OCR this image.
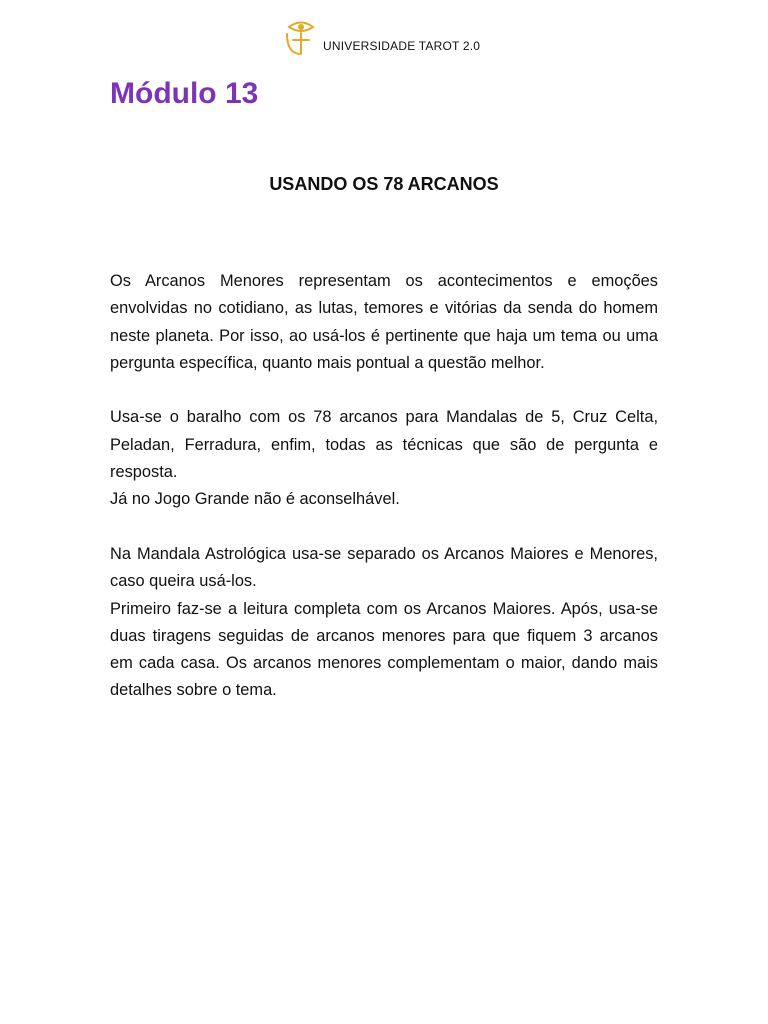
UNIVERSIDADE TAROT 2.0
Módulo 13
USANDO OS 78 ARCANOS

Os Arcanos Menores representam os acontecimentos e emoções envolvidas no cotidiano, as lutas, temores e vitórias da senda do homem neste planeta. Por isso, ao usá-los é pertinente que haja um tema ou uma pergunta específica, quanto mais pontual a questão melhor.

Usa-se o baralho com os 78 arcanos para Mandalas de 5, Cruz Celta, Peladan, Ferradura, enfim, todas as técnicas que são de pergunta e resposta.

Já no Jogo Grande não é aconselhável.

Na Mandala Astrológica usa-se separado os Arcanos Maiores e Menores, caso queira usá-los.

Primeiro faz-se a leitura completa com os Arcanos Maiores. Após, usa-se duas tiragens seguidas de arcanos menores para que fiquem 3 arcanos em cada casa. Os arcanos menores complementam o maior, dando mais detalhes sobre o tema.
